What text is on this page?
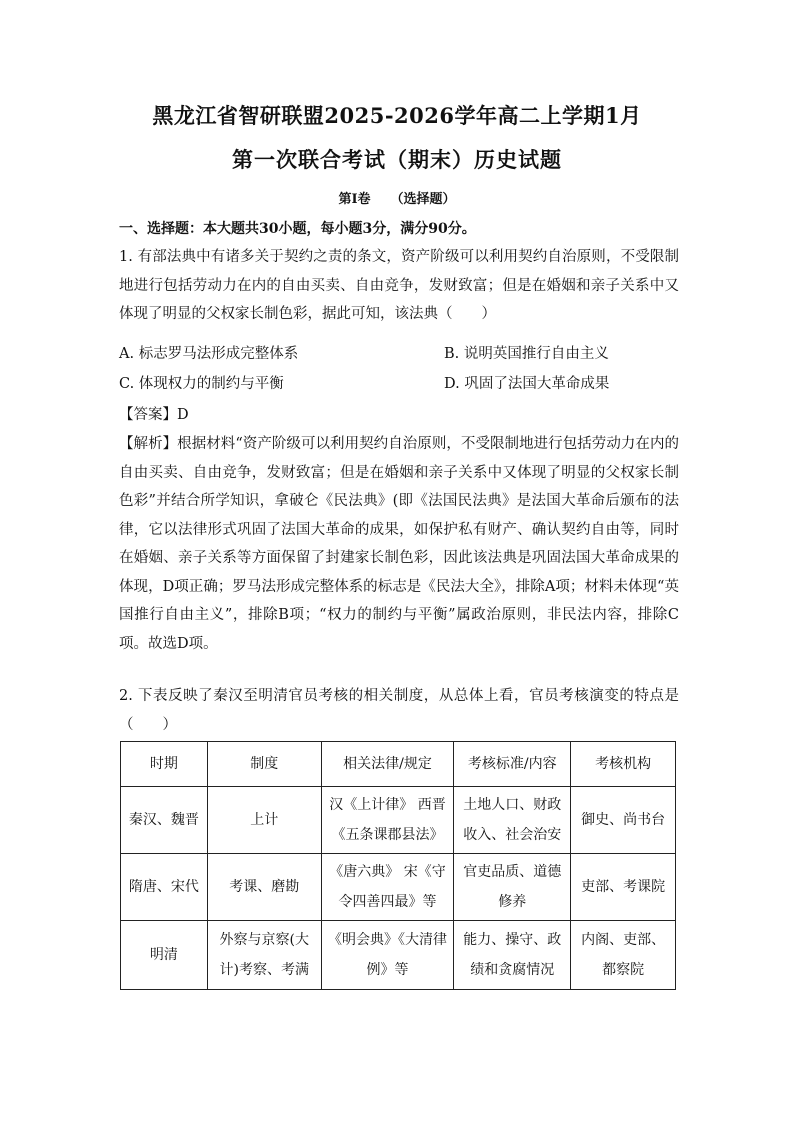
黑龙江省智研联盟2025-2026学年高二上学期1月
第一次联合考试（期末）历史试题
第I卷 （选择题）
一、选择题：本大题共30小题，每小题3分，满分90分。
1. 有部法典中有诸多关于契约之责的条文，资产阶级可以利用契约自治原则，不受限制地进行包括劳动力在内的自由买卖、自由竞争，发财致富；但是在婚姻和亲子关系中又体现了明显的父权家长制色彩，据此可知，该法典（　　）
A. 标志罗马法形成完整体系	B. 说明英国推行自由主义
C. 体现权力的制约与平衡	D. 巩固了法国大革命成果
【答案】D
【解析】根据材料“资产阶级可以利用契约自治原则，不受限制地进行包括劳动力在内的自由买卖、自由竞争，发财致富；但是在婚姻和亲子关系中又体现了明显的父权家长制色彩”并结合所学知识，拿破仑《民法典》(即《法国民法典》是法国大革命后颁布的法律，它以法律形式巩固了法国大革命的成果，如保护私有财产、确认契约自由等，同时在婚姻、亲子关系等方面保留了封建家长制色彩，因此该法典是巩固法国大革命成果的体现，D项正确；罗马法形成完整体系的标志是《民法大全》，排除A项；材料未体现“英国推行自由主义”，排除B项；“权力的制约与平衡”属政治原则，非民法内容，排除C项。故选D项。
2. 下表反映了秦汉至明清官员考核的相关制度，从总体上看，官员考核演变的特点是（　　）
时期	制度	相关法律/规定	考核标准/内容	考核机构
秦汉、魏晋	上计	汉《上计律》 西晋《五条课郡县法》	土地人口、财政收入、社会治安	御史、尚书台
隋唐、宋代	考课、磨勘	《唐六典》 宋《守令四善四最》等	官吏品质、道德修养	吏部、考课院
明清	外察与京察(大计)考察、考满	《明会典》《大清律例》等	能力、操守、政绩和贪腐情况	内阁、吏部、都察院
